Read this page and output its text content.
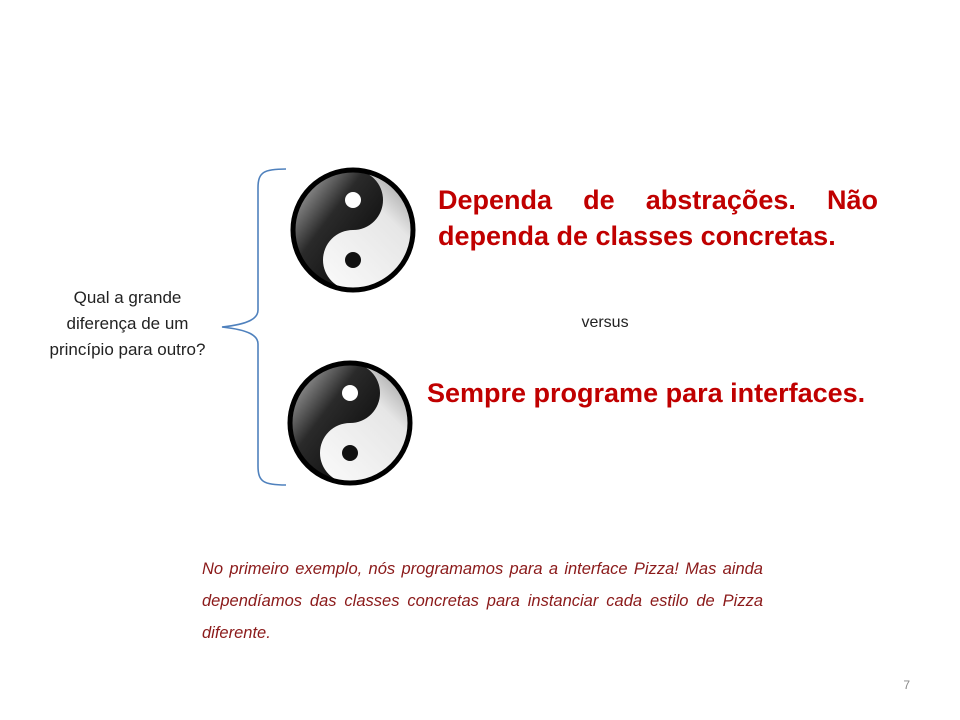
Qual a grande diferença de um princípio para outro?
Dependa de abstrações. Não dependa de classes concretas.
versus
Sempre programe para interfaces.
No primeiro exemplo, nós programamos para a interface Pizza! Mas ainda dependíamos das classes concretas para instanciar cada estilo de Pizza diferente.
7
